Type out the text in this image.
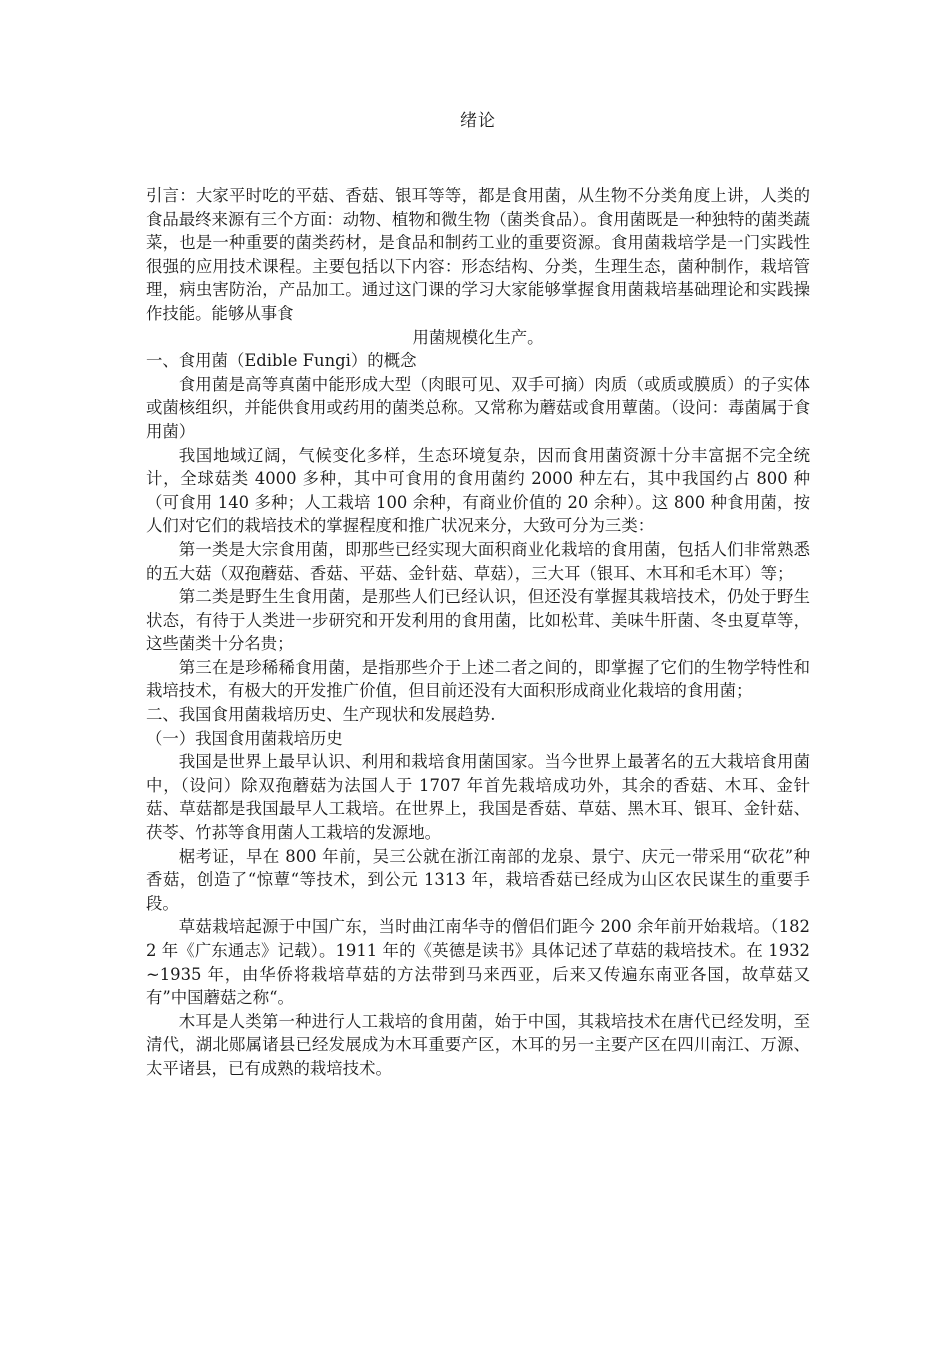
绪论

引言：大家平时吃的平菇、香菇、银耳等等，都是食用菌，从生物不分类角度上讲，人类的食品最终来源有三个方面：动物、植物和微生物（菌类食品）。食用菌既是一种独特的菌类蔬菜，也是一种重要的菌类药材，是食品和制药工业的重要资源。食用菌栽培学是一门实践性很强的应用技术课程。主要包括以下内容：形态结构、分类，生理生态，菌种制作，栽培管理，病虫害防治，产品加工。通过这门课的学习大家能够掌握食用菌栽培基础理论和实践操作技能。能够从事食

用菌规模化生产。

一、食用菌（Edible Fungi）的概念

食用菌是高等真菌中能形成大型（肉眼可见、双手可摘）肉质（或质或膜质）的子实体或菌核组织，并能供食用或药用的菌类总称。又常称为蘑菇或食用蕈菌。（设问：毒菌属于食用菌）

我国地域辽阔，气候变化多样，生态环境复杂，因而食用菌资源十分丰富据不完全统计，全球菇类 4000 多种，其中可食用的食用菌约 2000 种左右，其中我国约占 800 种（可食用 140 多种；人工栽培 100 余种，有商业价值的 20 余种）。这 800 种食用菌，按人们对它们的栽培技术的掌握程度和推广状况来分，大致可分为三类：

第一类是大宗食用菌，即那些已经实现大面积商业化栽培的食用菌，包括人们非常熟悉的五大菇（双孢蘑菇、香菇、平菇、金针菇、草菇），三大耳（银耳、木耳和毛木耳）等；

第二类是野生生食用菌，是那些人们已经认识，但还没有掌握其栽培技术，仍处于野生状态，有待于人类进一步研究和开发利用的食用菌，比如松茸、美味牛肝菌、冬虫夏草等，这些菌类十分名贵；

第三在是珍稀稀食用菌，是指那些介于上述二者之间的，即掌握了它们的生物学特性和栽培技术，有极大的开发推广价值，但目前还没有大面积形成商业化栽培的食用菌；

二、我国食用菌栽培历史、生产现状和发展趋势.

（一）我国食用菌栽培历史

我国是世界上最早认识、利用和栽培食用菌国家。当今世界上最著名的五大栽培食用菌中，（设问）除双孢蘑菇为法国人于 1707 年首先栽培成功外，其余的香菇、木耳、金针菇、草菇都是我国最早人工栽培。在世界上，我国是香菇、草菇、黑木耳、银耳、金针菇、茯苓、竹荪等食用菌人工栽培的发源地。

椐考证，早在 800 年前，吴三公就在浙江南部的龙泉、景宁、庆元一带采用“砍花”种香菇，创造了“惊蕈“等技术，到公元 1313 年，栽培香菇已经成为山区农民谋生的重要手段。

草菇栽培起源于中国广东，当时曲江南华寺的僧侣们距今 200 余年前开始栽培。（1822 年《广东通志》记载）。1911 年的《英德是读书》具体记述了草菇的栽培技术。在 1932~1935 年，由华侨将栽培草菇的方法带到马来西亚，后来又传遍东南亚各国，故草菇又有”中国蘑菇之称“。

木耳是人类第一种进行人工栽培的食用菌，始于中国，其栽培技术在唐代已经发明，至清代，湖北郧属诸县已经发展成为木耳重要产区，木耳的另一主要产区在四川南江、万源、太平诸县，已有成熟的栽培技术。
